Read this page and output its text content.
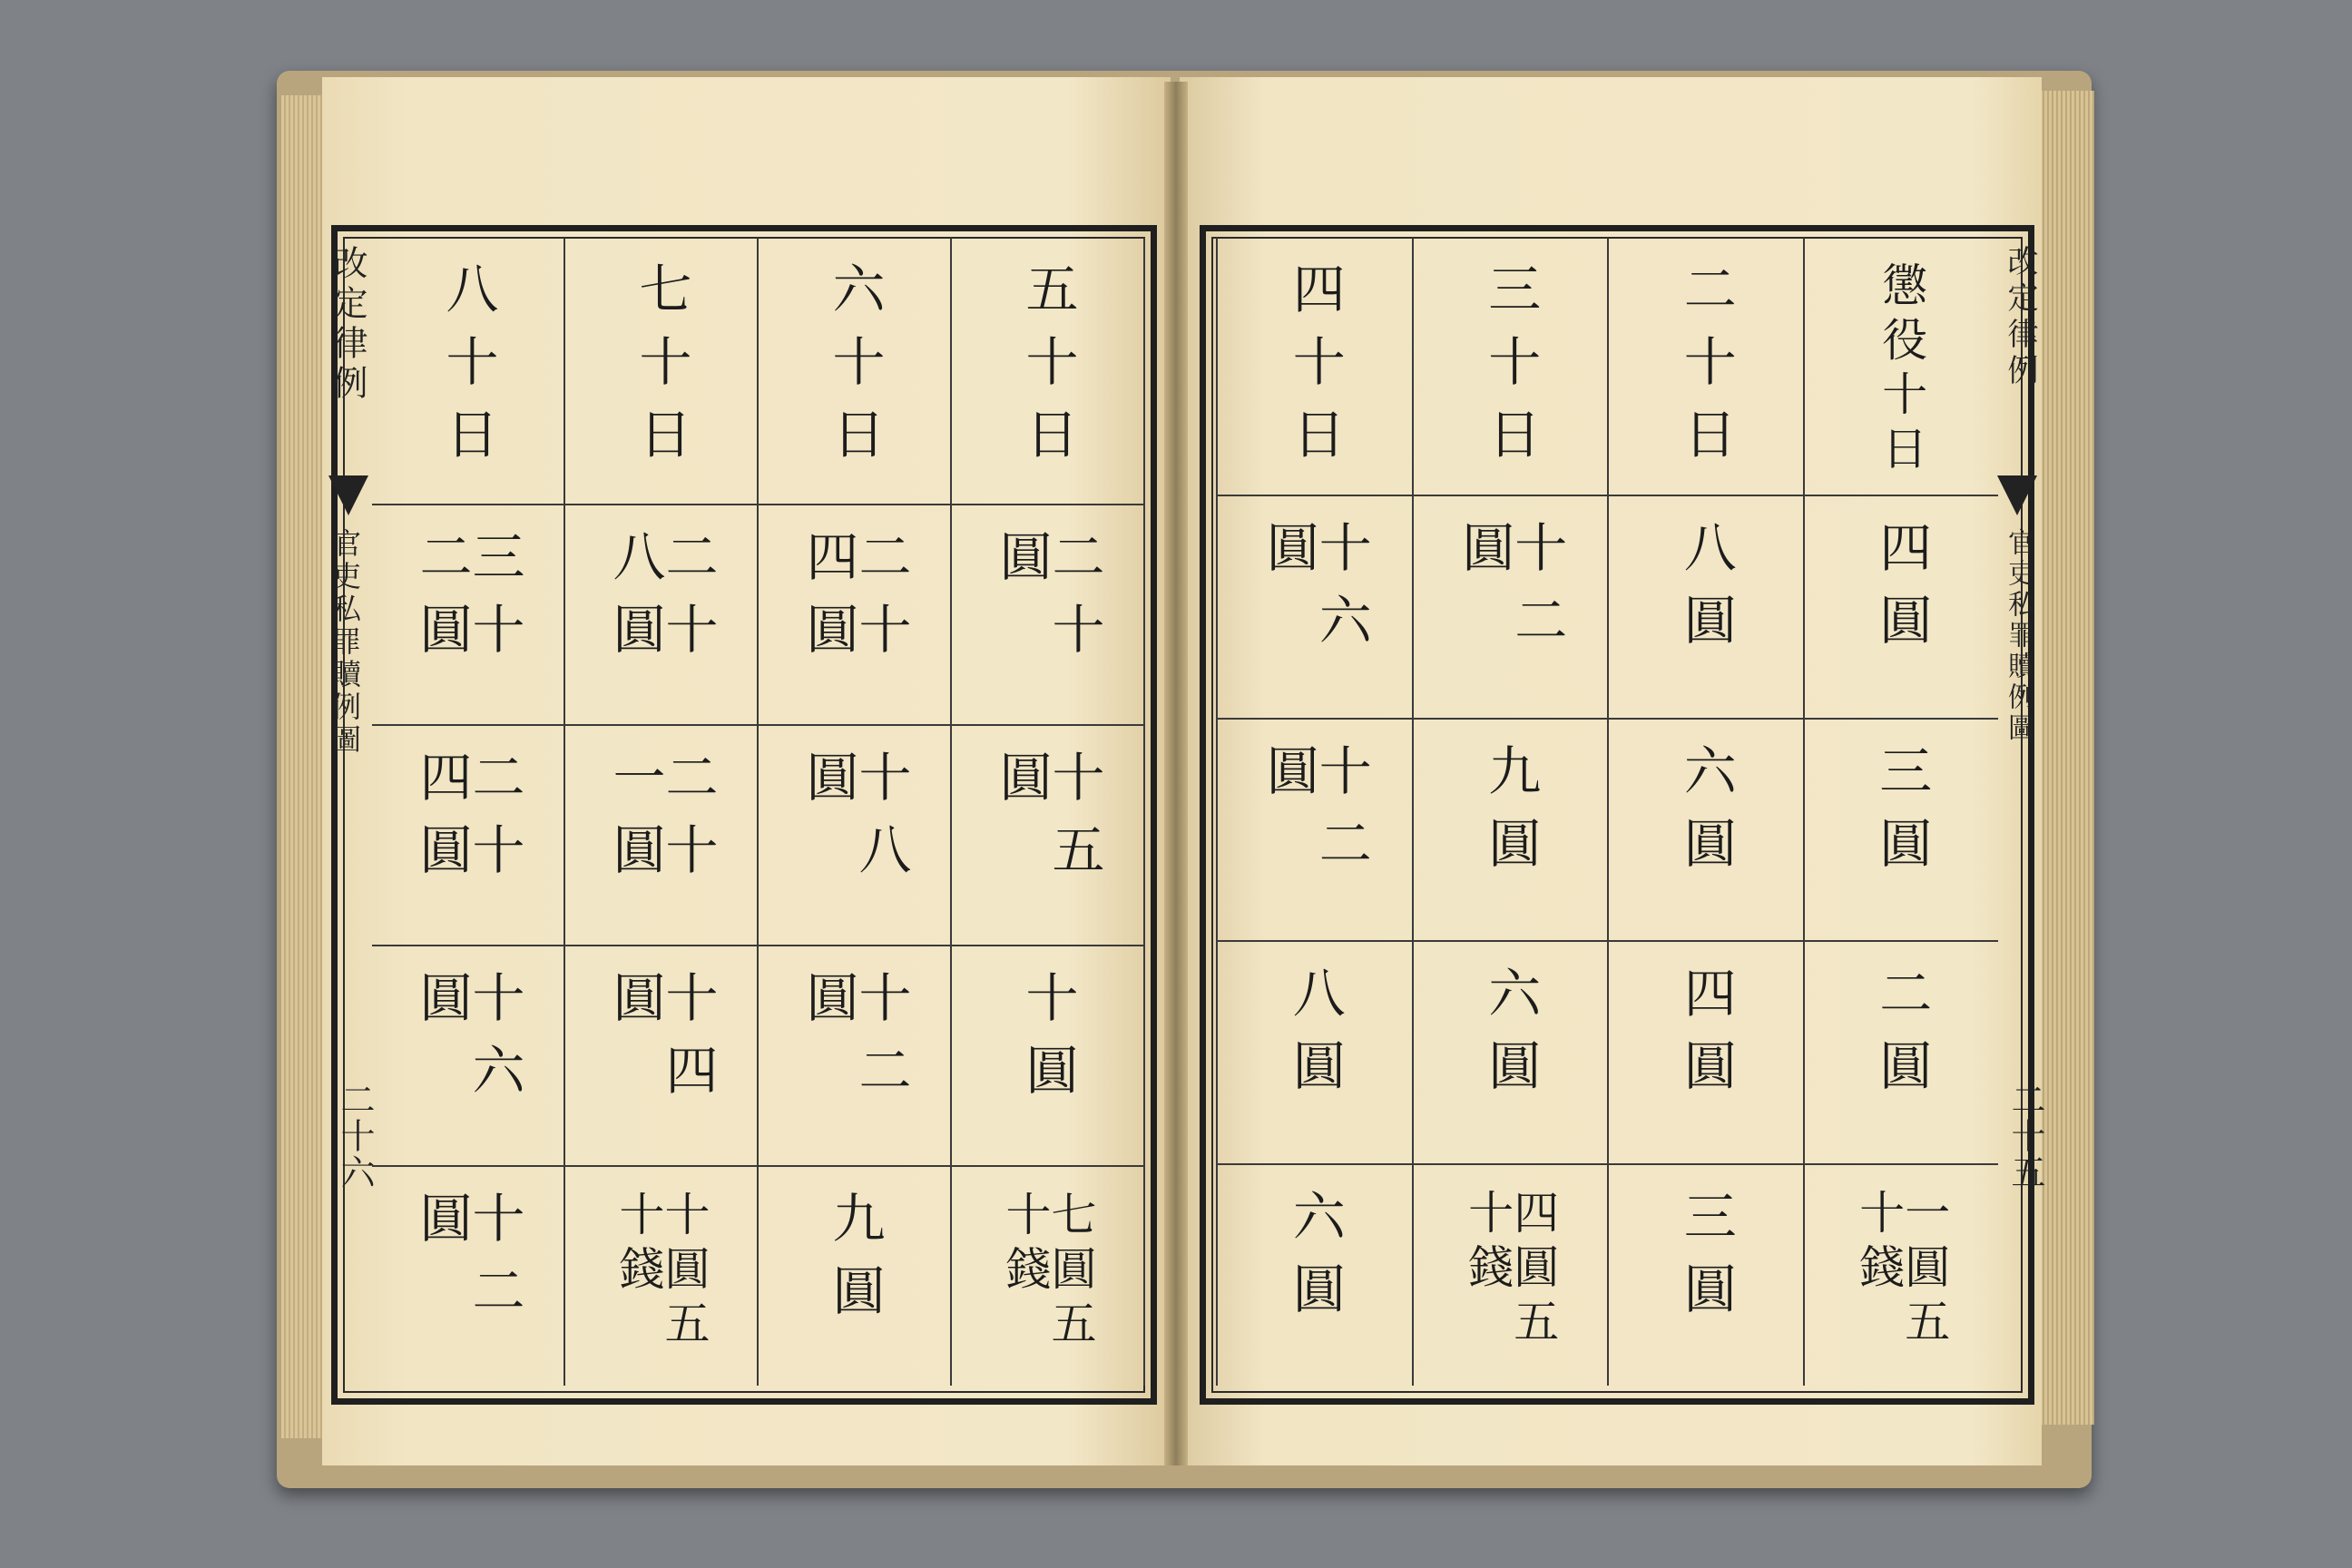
改定律例
官吏私罪贖例圖
二十六
八十日	七十日	六十日	五十日
三十二圓	二十八圓	二十四圓	二十圓
二十四圓	二十一圓	十八圓	十五圓
十六圓	十四圓	十二圓	十圓
十二圓	十圓五十錢	九圓	七圓五十錢
四十日	三十日	二十日	懲役十日
十六圓	十二圓	八圓	四圓
十二圓	九圓	六圓	三圓
八圓	六圓	四圓	二圓
六圓	四圓五十錢	三圓	一圓五十錢
改定律例
官吏私罪贖例圖
二十五
